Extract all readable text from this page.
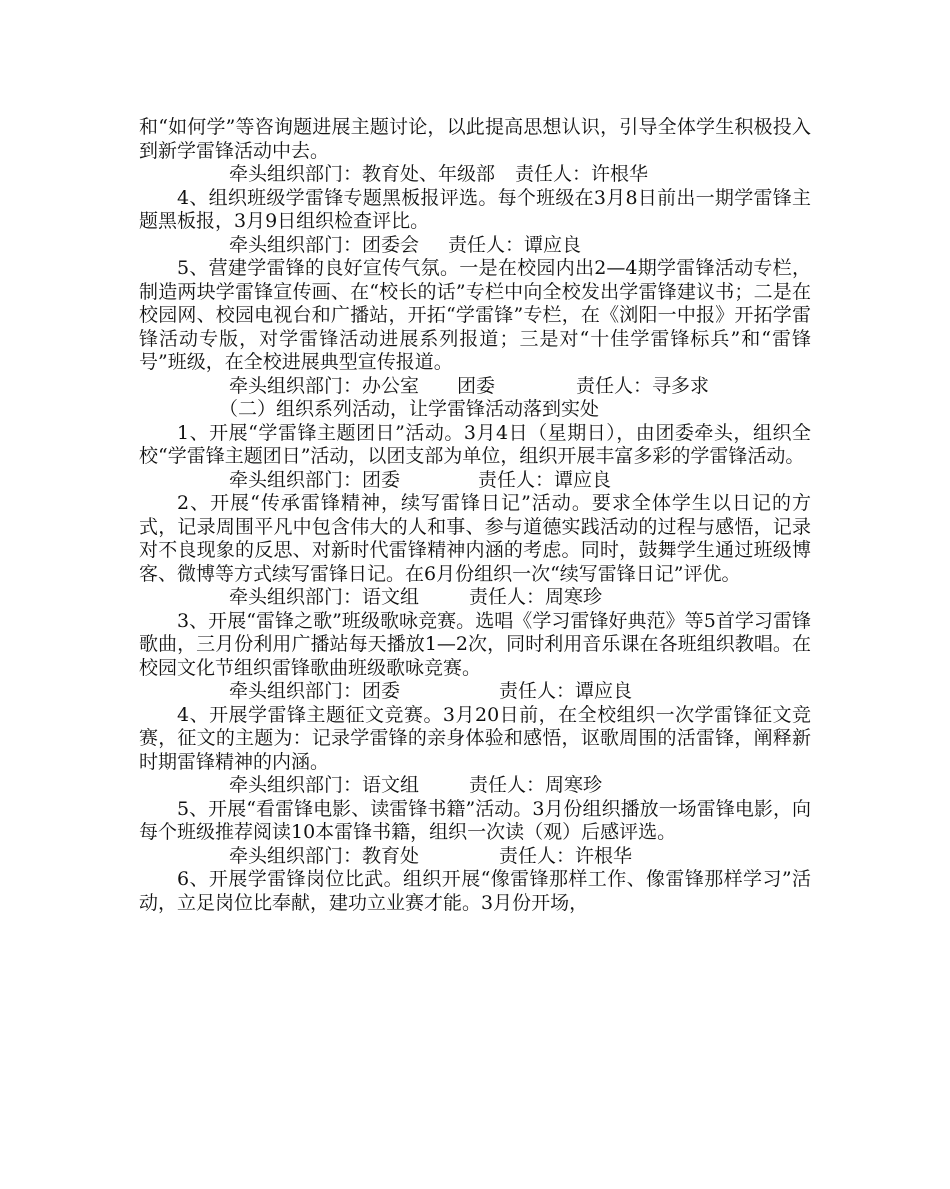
和“如何学”等咨询题进展主题讨论，以此提高思想认识，引导全体学生积极投入到新学雷锋活动中去。

牵头组织部门：教育处、年级部 责任人：许根华

4、组织班级学雷锋专题黑板报评选。每个班级在3月8日前出一期学雷锋主题黑板报，3月9日组织检查评比。

牵头组织部门：团委会 责任人：谭应良

5、营建学雷锋的良好宣传气氛。一是在校园内出2—4期学雷锋活动专栏，制造两块学雷锋宣传画、在“校长的话”专栏中向全校发出学雷锋建议书；二是在校园网、校园电视台和广播站，开拓“学雷锋”专栏，在《浏阳一中报》开拓学雷锋活动专版，对学雷锋活动进展系列报道；三是对“十佳学雷锋标兵”和“雷锋号”班级，在全校进展典型宣传报道。

牵头组织部门：办公室　　团委	责任人：寻多求

（二）组织系列活动，让学雷锋活动落到实处

1、开展“学雷锋主题团日”活动。3月4日（星期日），由团委牵头，组织全校“学雷锋主题团日”活动，以团支部为单位，组织开展丰富多彩的学雷锋活动。

牵头组织部门：团委	责任人：谭应良

2、开展“传承雷锋精神，续写雷锋日记”活动。要求全体学生以日记的方式，记录周围平凡中包含伟大的人和事、参与道德实践活动的过程与感悟，记录对不良现象的反思、对新时代雷锋精神内涵的考虑。同时，鼓舞学生通过班级博客、微博等方式续写雷锋日记。在6月份组织一次“续写雷锋日记”评优。

牵头组织部门：语文组	责任人：周寒珍

3、开展“雷锋之歌”班级歌咏竞赛。选唱《学习雷锋好典范》等5首学习雷锋歌曲，三月份利用广播站每天播放1—2次，同时利用音乐课在各班组织教唱。在校园文化节组织雷锋歌曲班级歌咏竞赛。

牵头组织部门：团委	责任人：谭应良

4、开展学雷锋主题征文竞赛。3月20日前，在全校组织一次学雷锋征文竞赛，征文的主题为：记录学雷锋的亲身体验和感悟，讴歌周围的活雷锋，阐释新时期雷锋精神的内涵。

牵头组织部门：语文组	责任人：周寒珍

5、开展“看雷锋电影、读雷锋书籍”活动。3月份组织播放一场雷锋电影，向每个班级推荐阅读10本雷锋书籍，组织一次读（观）后感评选。

牵头组织部门：教育处	责任人：许根华

6、开展学雷锋岗位比武。组织开展“像雷锋那样工作、像雷锋那样学习”活动，立足岗位比奉献，建功立业赛才能。3月份开场，
